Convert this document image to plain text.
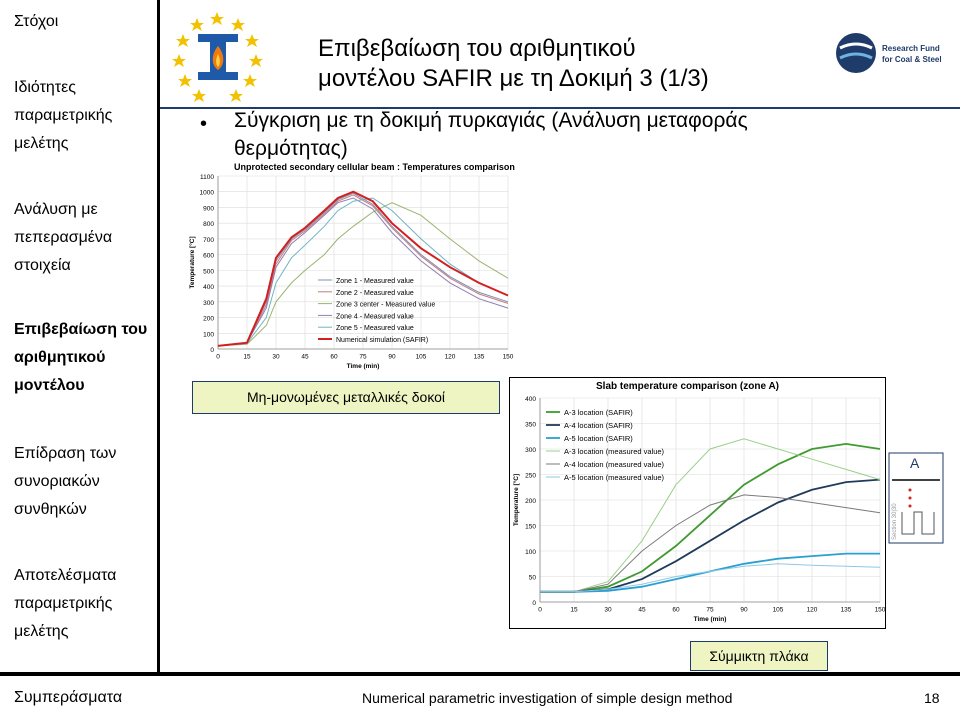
Στόχοι
Ιδιότητες
παραμετρικής
μελέτης
Ανάλυση με
πεπερασμένα
στοιχεία
Επιβεβαίωση του
αριθμητικού
μοντέλου
Επίδραση των
συνοριακών
συνθηκών
Αποτελέσματα
παραμετρικής
μελέτης
Research Fund
for Coal & Steel
Επιβεβαίωση του αριθμητικού
μοντέλου SAFIR με τη Δοκιμή 3 (1/3)
• Σύγκριση με τη δοκιμή πυρκαγιάς (Ανάλυση μεταφοράς
θερμότητας)
Unprotected secondary cellular beam : Temperatures comparison
0
100
200
300
400
500
600
700
800
900
1000
1100
0	15	30	45	60	75	90	105	120	135	150
Time (min)
Temperature [°C]	Zone 1 - Measured value
Zone 2 - Measured value
Zone 3 center - Measured value
Zone 4 - Measured value
Zone 5 - Measured value
Numerical simulation (SAFIR)
Μη-μονωμένες μεταλλικές δοκοί
Slab temperature comparison (zone A)
0
50
100
150
200
250
300
350
400
0	15	30	45	60	75	90	105	120	135	150
Time (min)
Temperature [°C]
A-3 location (SAFIR)
A-4 location (SAFIR)
A-5 location (SAFIR)
A-3 location (measured value)
A-4 location (measured value)
A-5 location (measured value)
A
Section 30|30
Σύμμικτη πλάκα
Συμπεράσματα	Numerical parametric investigation of simple design method	18
